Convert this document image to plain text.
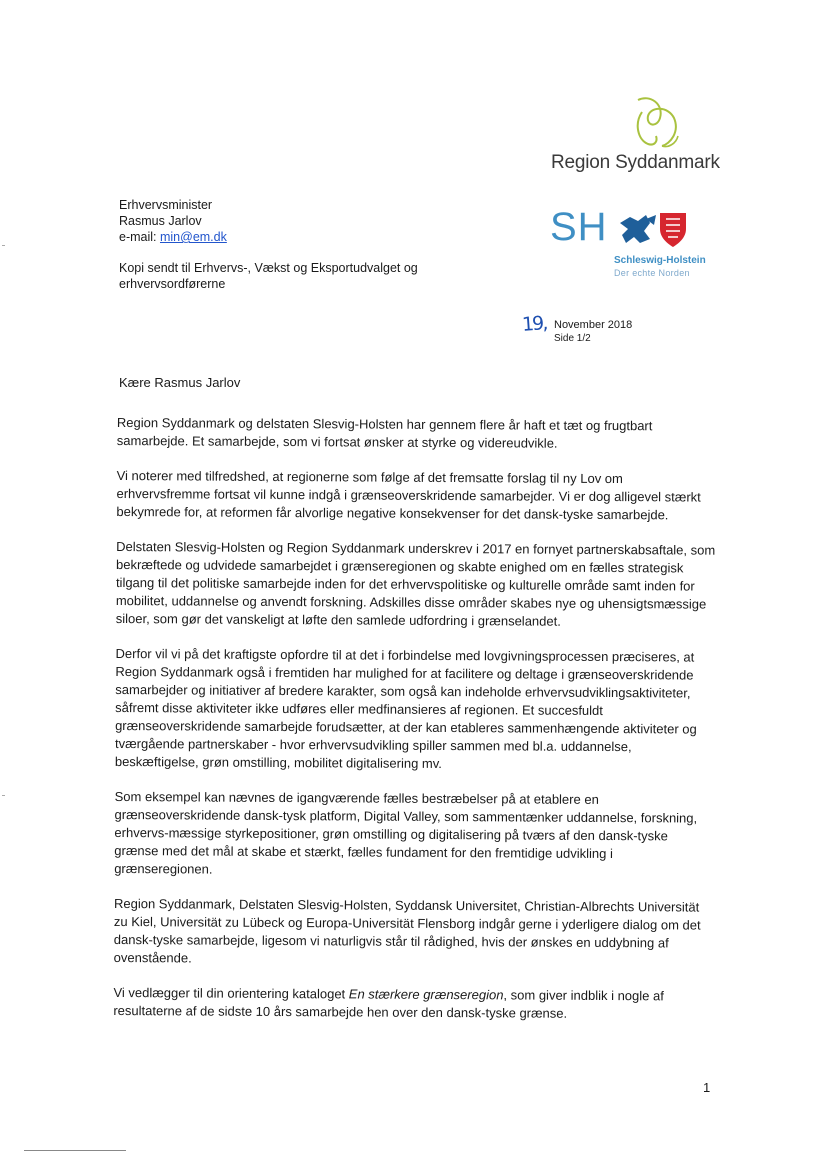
Region Syddanmark
SH
Schleswig-Holstein
Der echte Norden
Erhvervsminister
Rasmus Jarlov
e-mail: min@em.dk
Kopi sendt til Erhvervs-, Vækst og Eksportudvalget og
erhvervsordførerne
19, November 2018
Side 1/2
Kære Rasmus Jarlov

Region Syddanmark og delstaten Slesvig-Holsten har gennem flere år haft et tæt og frugtbart samarbejde. Et samarbejde, som vi fortsat ønsker at styrke og videreudvikle.

Vi noterer med tilfredshed, at regionerne som følge af det fremsatte forslag til ny Lov om erhvervsfremme fortsat vil kunne indgå i grænseoverskridende samarbejder. Vi er dog alligevel stærkt bekymrede for, at reformen får alvorlige negative konsekvenser for det dansk-tyske samarbejde.

Delstaten Slesvig-Holsten og Region Syddanmark underskrev i 2017 en fornyet partnerskabsaftale, som bekræftede og udvidede samarbejdet i grænseregionen og skabte enighed om en fælles strategisk tilgang til det politiske samarbejde inden for det erhvervspolitiske og kulturelle område samt inden for mobilitet, uddannelse og anvendt forskning. Adskilles disse områder skabes nye og uhensigtsmæssige siloer, som gør det vanskeligt at løfte den samlede udfordring i grænselandet.

Derfor vil vi på det kraftigste opfordre til at det i forbindelse med lovgivningsprocessen præciseres, at Region Syddanmark også i fremtiden har mulighed for at facilitere og deltage i grænseoverskridende samarbejder og initiativer af bredere karakter, som også kan indeholde erhvervsudviklingsaktiviteter, såfremt disse aktiviteter ikke udføres eller medfinansieres af regionen. Et succesfuldt grænseoverskridende samarbejde forudsætter, at der kan etableres sammenhængende aktiviteter og tværgående partnerskaber - hvor erhvervsudvikling spiller sammen med bl.a. uddannelse, beskæftigelse, grøn omstilling, mobilitet digitalisering mv.

Som eksempel kan nævnes de igangværende fælles bestræbelser på at etablere en grænseoverskridende dansk-tysk platform, Digital Valley, som sammentænker uddannelse, forskning, erhvervs-mæssige styrkepositioner, grøn omstilling og digitalisering på tværs af den dansk-tyske grænse med det mål at skabe et stærkt, fælles fundament for den fremtidige udvikling i grænseregionen.

Region Syddanmark, Delstaten Slesvig-Holsten, Syddansk Universitet, Christian-Albrechts Universität zu Kiel, Universität zu Lübeck og Europa-Universität Flensborg indgår gerne i yderligere dialog om det dansk-tyske samarbejde, ligesom vi naturligvis står til rådighed, hvis der ønskes en uddybning af ovenstående.

Vi vedlægger til din orientering kataloget En stærkere grænseregion, som giver indblik i nogle af resultaterne af de sidste 10 års samarbejde hen over den dansk-tyske grænse.

1
